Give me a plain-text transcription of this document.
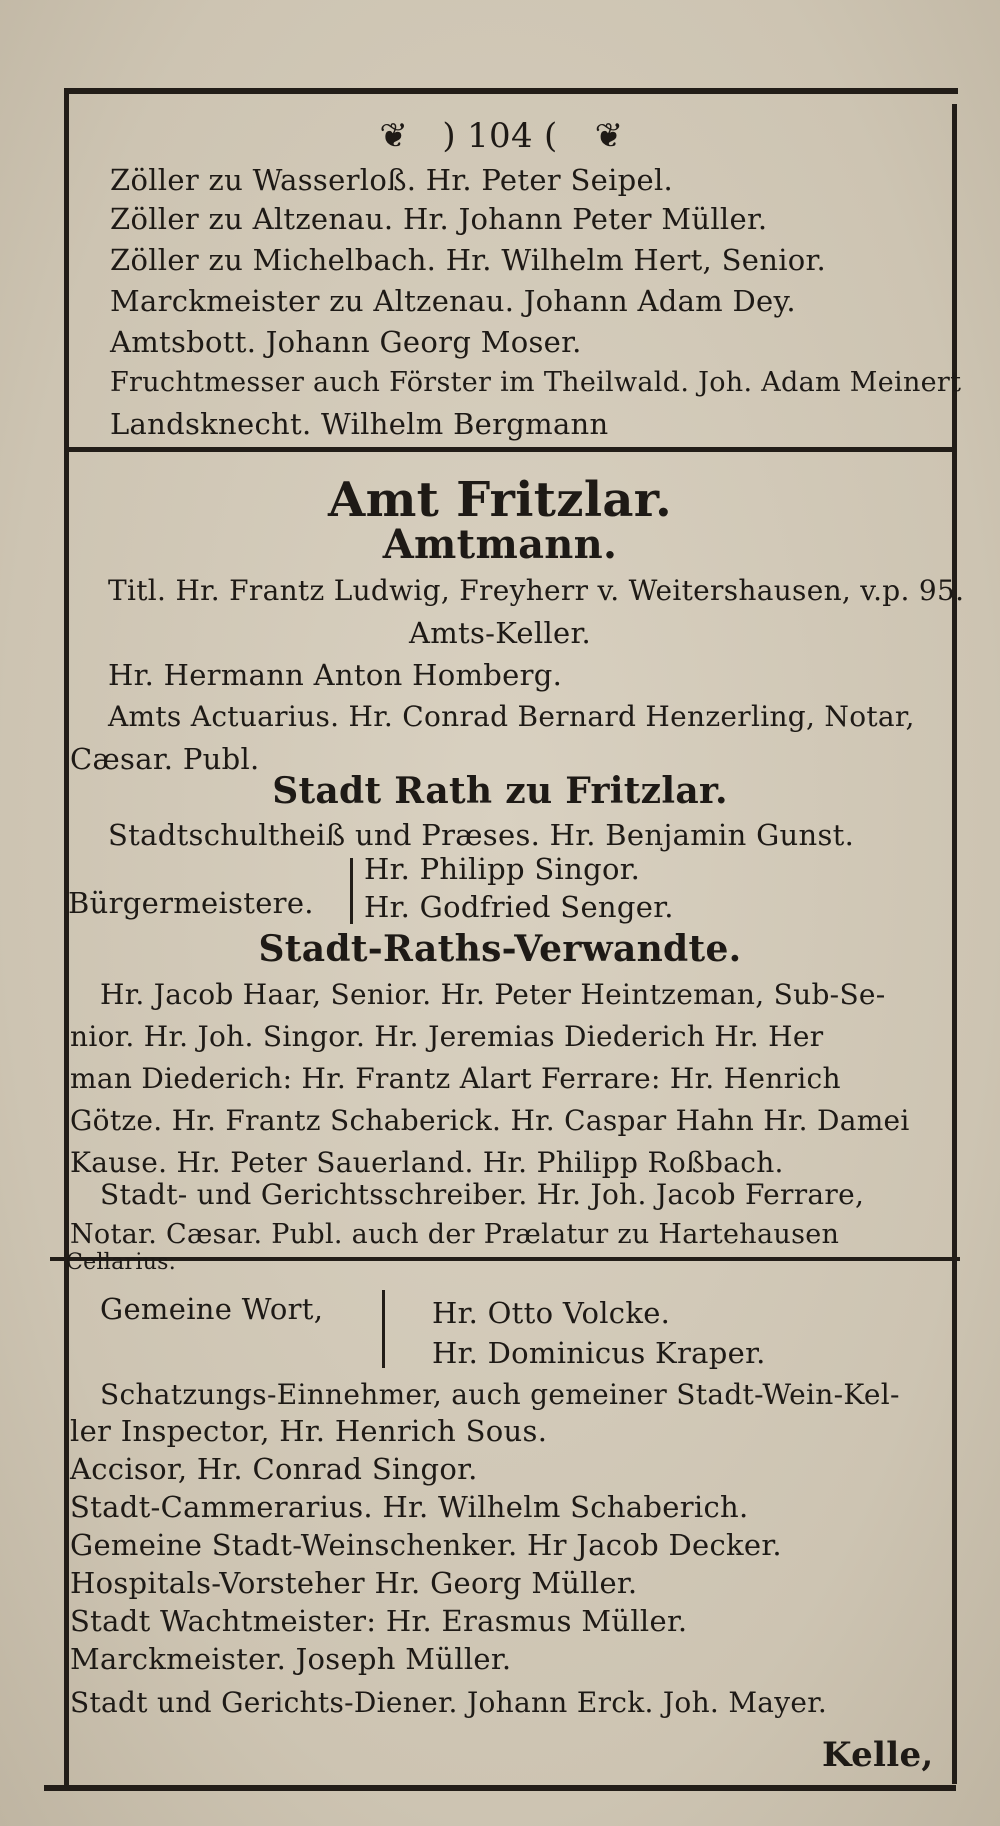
❦ ) 104 ( ❦
Zöller zu Wasserloß. Hr. Peter Seipel.
Zöller zu Altzenau. Hr. Johann Peter Müller.
Zöller zu Michelbach. Hr. Wilhelm Hert, Senior.
Marckmeister zu Altzenau. Johann Adam Dey.
Amtsbott. Johann Georg Moser.
Fruchtmesser auch Förster im Theilwald. Joh. Adam Meinert
Landsknecht. Wilhelm Bergmann
Amt Fritzlar.
Amtmann.
Titl. Hr. Frantz Ludwig, Freyherr v. Weitershausen, v.p. 95.
Amts-Keller.
Hr. Hermann Anton Homberg.
Amts Actuarius. Hr. Conrad Bernard Henzerling, Notar,
Cæsar. Publ.
Stadt Rath zu Fritzlar.
Stadtschultheiß und Præses. Hr. Benjamin Gunst.
Bürgermeistere.
Hr. Philipp Singor.
Hr. Godfried Senger.
Stadt-Raths-Verwandte.
Hr. Jacob Haar, Senior. Hr. Peter Heintzeman, Sub-Se-
nior. Hr. Joh. Singor. Hr. Jeremias Diederich Hr. Her
man Diederich: Hr. Frantz Alart Ferrare: Hr. Henrich
Götze. Hr. Frantz Schaberick. Hr. Caspar Hahn Hr. Damei
Kause. Hr. Peter Sauerland. Hr. Philipp Roßbach.
Stadt- und Gerichtsschreiber. Hr. Joh. Jacob Ferrare,
Notar. Cæsar. Publ. auch der Prælatur zu Hartehausen
Cellarius.
Gemeine Wort,	Hr. Otto Volcke.
Hr. Dominicus Kraper.
Schatzungs-Einnehmer, auch gemeiner Stadt-Wein-Kel-
ler Inspector, Hr. Henrich Sous.
Accisor, Hr. Conrad Singor.
Stadt-Cammerarius. Hr. Wilhelm Schaberich.
Gemeine Stadt-Weinschenker. Hr Jacob Decker.
Hospitals-Vorsteher Hr. Georg Müller.
Stadt Wachtmeister: Hr. Erasmus Müller.
Marckmeister. Joseph Müller.
Stadt und Gerichts-Diener. Johann Erck. Joh. Mayer.
Kelle,
